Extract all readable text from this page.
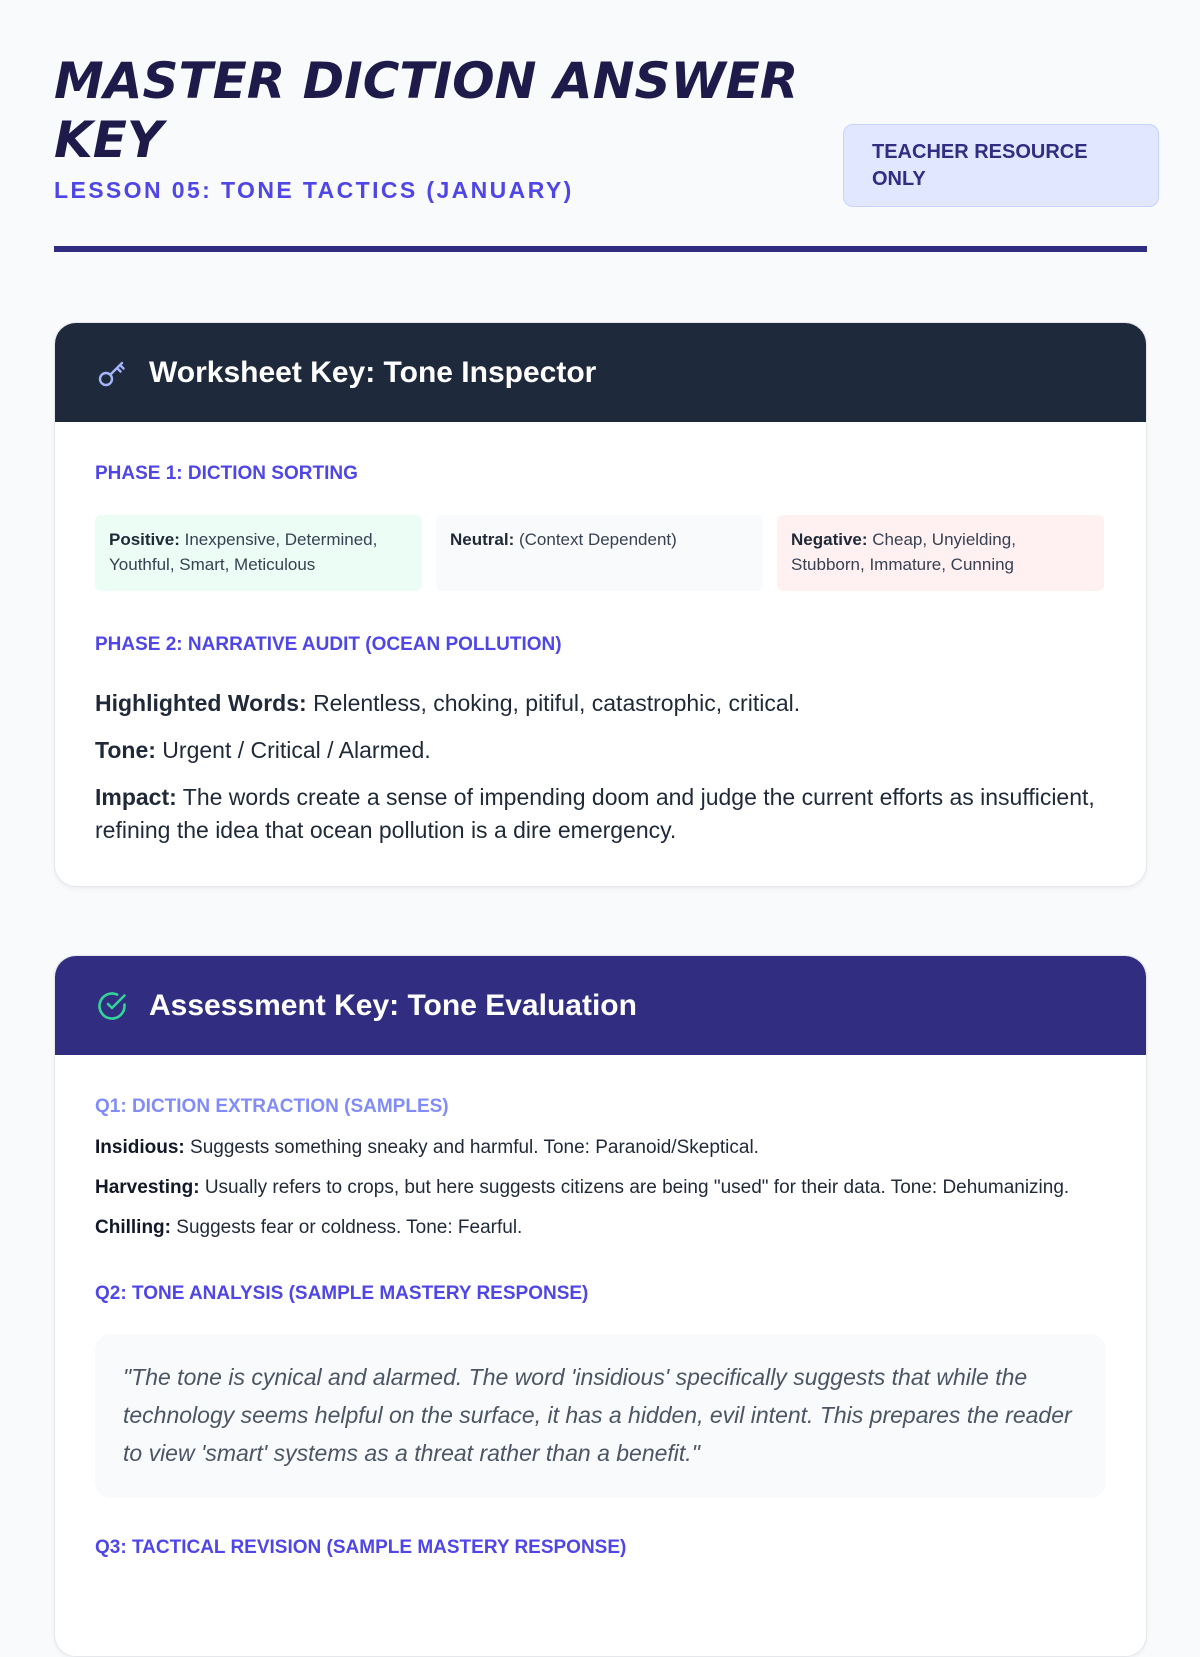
MASTER DICTION ANSWER KEY
LESSON 05: TONE TACTICS (JANUARY)
TEACHER RESOURCE ONLY
Worksheet Key: Tone Inspector
PHASE 1: DICTION SORTING
Positive: Inexpensive, Determined, Youthful, Smart, Meticulous
Neutral: (Context Dependent)	Negative: Cheap, Unyielding, Stubborn, Immature, Cunning
PHASE 2: NARRATIVE AUDIT (OCEAN POLLUTION)

Highlighted Words: Relentless, choking, pitiful, catastrophic, critical.

Tone: Urgent / Critical / Alarmed.

Impact: The words create a sense of impending doom and judge the current efforts as insufficient, refining the idea that ocean pollution is a dire emergency.

Assessment Key: Tone Evaluation
Q1: DICTION EXTRACTION (SAMPLES)

Insidious: Suggests something sneaky and harmful. Tone: Paranoid/Skeptical.

Harvesting: Usually refers to crops, but here suggests citizens are being "used" for their data. Tone: Dehumanizing.

Chilling: Suggests fear or coldness. Tone: Fearful.

Q2: TONE ANALYSIS (SAMPLE MASTERY RESPONSE)
"The tone is cynical and alarmed. The word 'insidious' specifically suggests that while the technology seems helpful on the surface, it has a hidden, evil intent. This prepares the reader to view 'smart' systems as a threat rather than a benefit."
Q3: TACTICAL REVISION (SAMPLE MASTERY RESPONSE)
